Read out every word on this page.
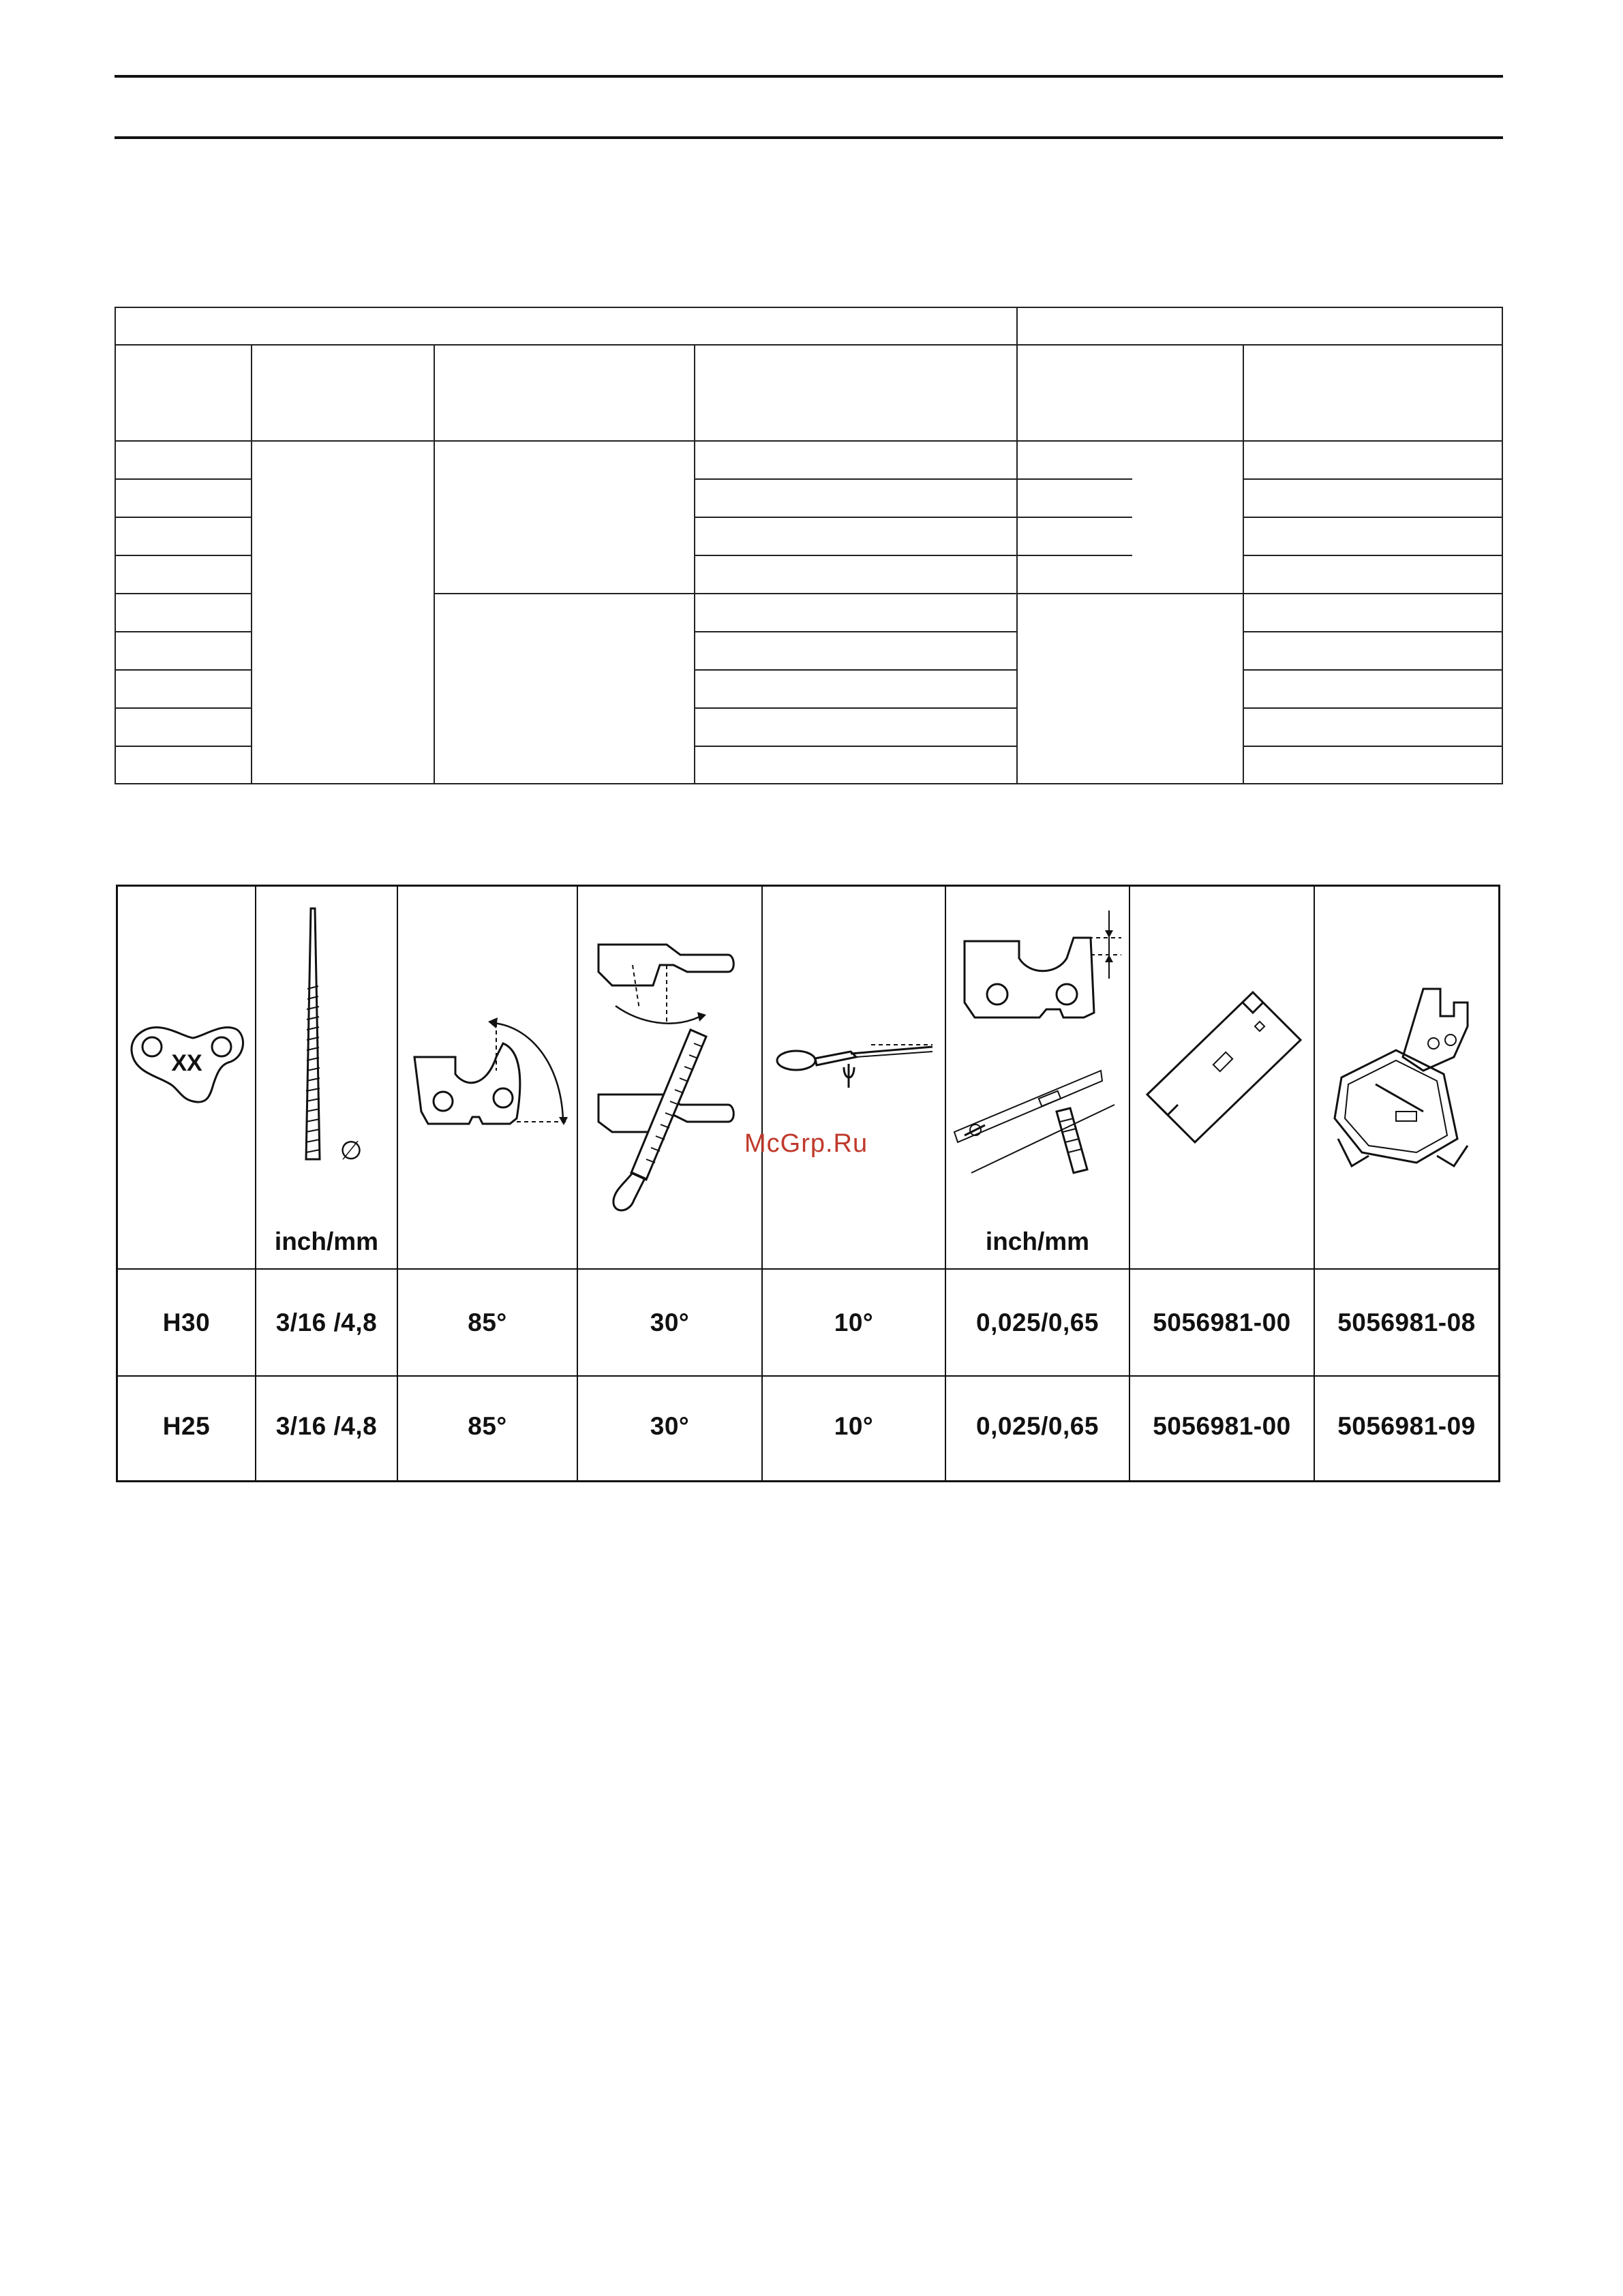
XX
∅
inch/mm	inch/mm
H30	3/16 /4,8	85°	30°	10°	0,025/0,65	5056981-00	5056981-08
H25	3/16 /4,8	85°	30°	10°	0,025/0,65	5056981-00	5056981-09
McGrp.Ru
